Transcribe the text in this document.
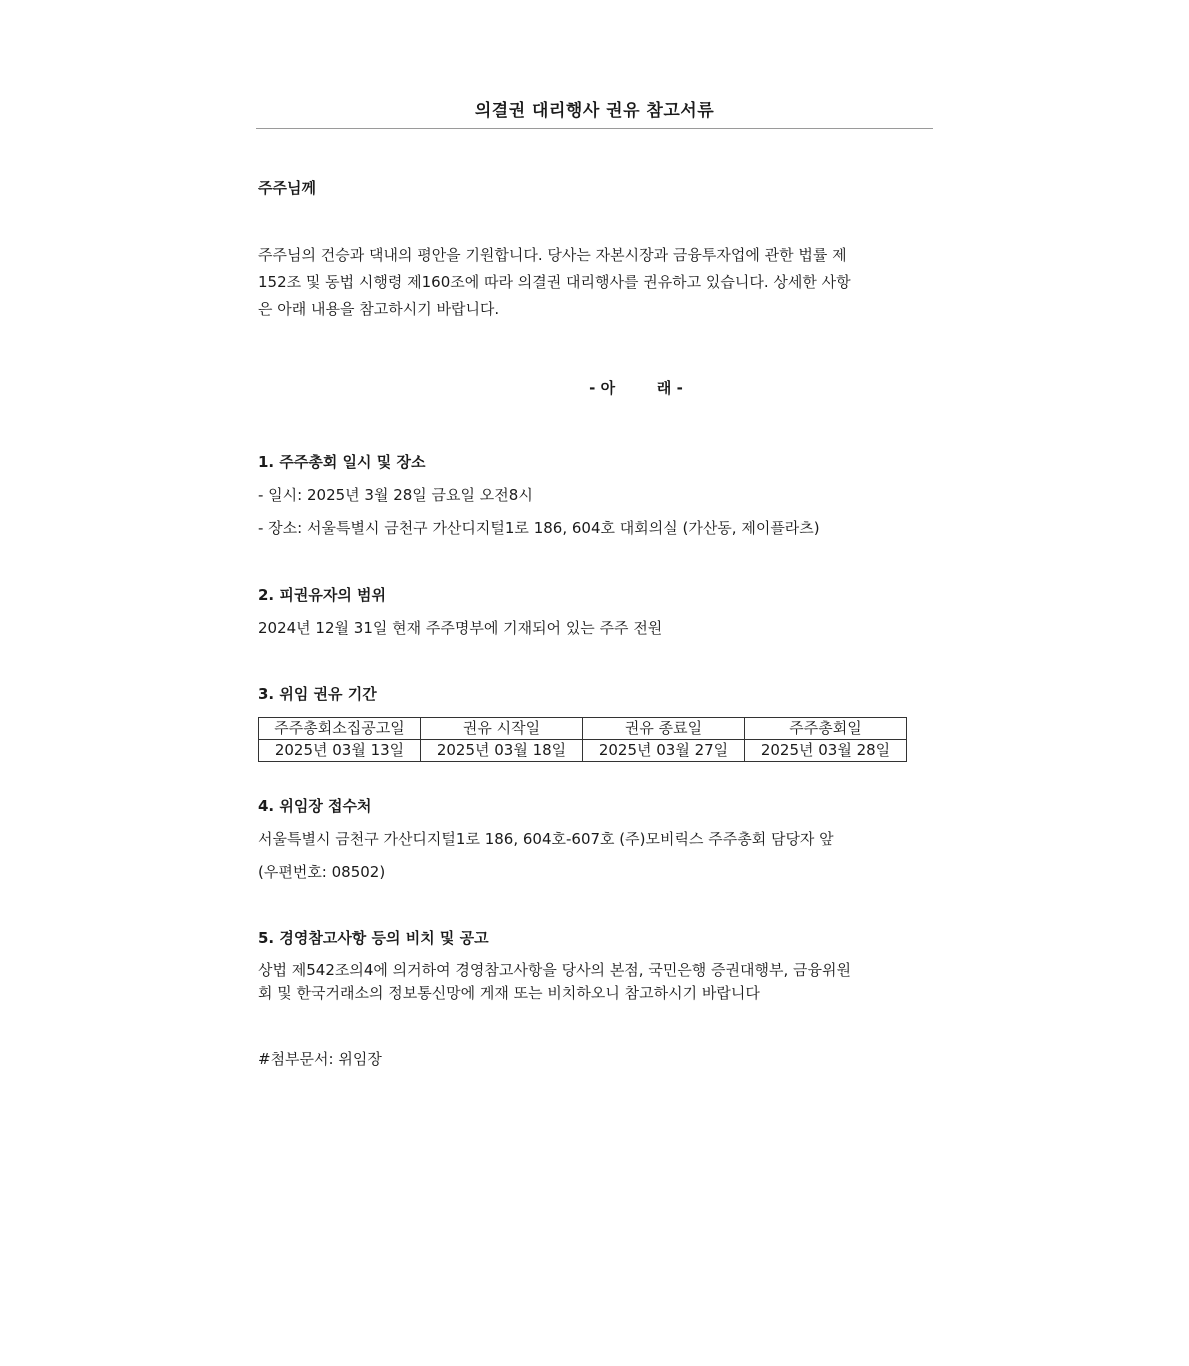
의결권 대리행사 권유 참고서류
주주님께
주주님의 건승과 댁내의 평안을 기원합니다. 당사는 자본시장과 금융투자업에 관한 법률 제
152조 및 동법 시행령 제160조에 따라 의결권 대리행사를 권유하고 있습니다. 상세한 사항
은 아래 내용을 참고하시기 바랍니다.
- 아        래 -
1. 주주총회 일시 및 장소
- 일시: 2025년 3월 28일 금요일 오전8시
- 장소: 서울특별시 금천구 가산디지털1로 186, 604호 대회의실 (가산동, 제이플라츠)
2. 피권유자의 범위
2024년 12월 31일 현재 주주명부에 기재되어 있는 주주 전원
3. 위임 권유 기간
주주총회소집공고일	권유 시작일	권유 종료일	주주총회일
2025년 03월 13일	2025년 03월 18일	2025년 03월 27일	2025년 03월 28일
4. 위임장 접수처
서울특별시 금천구 가산디지털1로 186, 604호-607호 (주)모비릭스 주주총회 담당자 앞
(우편번호: 08502)
5. 경영참고사항 등의 비치 및 공고
상법 제542조의4에 의거하여 경영참고사항을 당사의 본점, 국민은행 증권대행부, 금융위원
회 및 한국거래소의 정보통신망에 게재 또는 비치하오니 참고하시기 바랍니다
#첨부문서: 위임장
